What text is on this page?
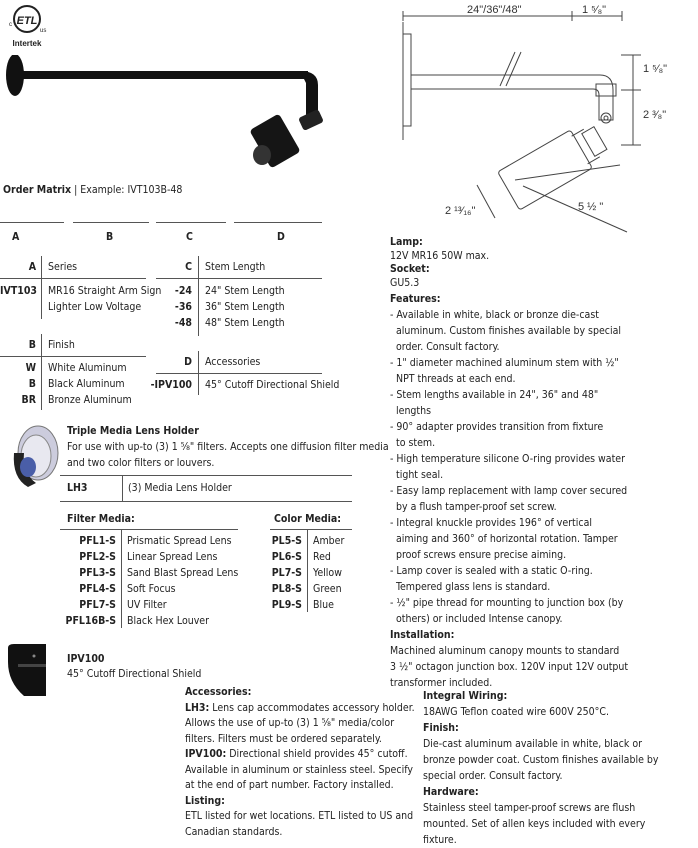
ETL
c
us
Intertek
24"/36"/48"	1 ⁵⁄₈"
1 ⁵⁄₈"
2 ³⁄₈"
2 ¹³⁄₁₆"	5 ½ "
Order Matrix | Example: IVT103B-48
A	B	C	D
A Series
IVT103 MR16 Straight Arm Sign
Lighter Low Voltage
C Stem Length
-24 24" Stem Length
-36 36" Stem Length
-48 48" Stem Length
B Finish
W White Aluminum
B Black Aluminum
BR Bronze Aluminum
D Accessories
-IPV100 45° Cutoff Directional Shield
Triple Media Lens Holder
For use with up-to (3) 1 ⁵⁄₈" filters. Accepts one diffusion filter media
and two color filters or louvers.
LH3	(3) Media Lens Holder
Filter Media:
PFL1-S Prismatic Spread Lens
PFL2-S Linear Spread Lens
PFL3-S Sand Blast Spread Lens
PFL4-S Soft Focus
PFL7-S UV Filter
PFL16B-S Black Hex Louver
Color Media:
PL5-S Amber
PL6-S Red
PL7-S Yellow
PL8-S Green
PL9-S Blue
IPV100
45° Cutoff Directional Shield
Accessories:
LH3: Lens cap accommodates accessory holder.
Allows the use of up-to (3) 1 ⁵⁄₈" media/color
filters. Filters must be ordered separately.
IPV100: Directional shield provides 45° cutoff.
Available in aluminum or stainless steel. Specify
at the end of part number. Factory installed.
Listing:
ETL listed for wet locations. ETL listed to US and
Canadian standards.
Lamp:
12V MR16 50W max.
Socket:
GU5.3
Features:
- Available in white, black or bronze die-cast
aluminum. Custom finishes available by special
order. Consult factory.
- 1" diameter machined aluminum stem with ½"
NPT threads at each end.
- Stem lengths available in 24", 36" and 48"
lengths
- 90° adapter provides transition from fixture
to stem.
- High temperature silicone O-ring provides water
tight seal.
- Easy lamp replacement with lamp cover secured
by a flush tamper-proof set screw.
- Integral knuckle provides 196° of vertical
aiming and 360° of horizontal rotation. Tamper
proof screws ensure precise aiming.
- Lamp cover is sealed with a static O-ring.
Tempered glass lens is standard.
- ½" pipe thread for mounting to junction box (by
others) or included Intense canopy.
Installation:
Machined aluminum canopy mounts to standard
3 ½" octagon junction box. 120V input 12V output
transformer included.
Integral Wiring:
18AWG Teflon coated wire 600V 250°C.
Finish:
Die-cast aluminum available in white, black or
bronze powder coat. Custom finishes available by
special order. Consult factory.
Hardware:
Stainless steel tamper-proof screws are flush
mounted. Set of allen keys included with every
fixture.
